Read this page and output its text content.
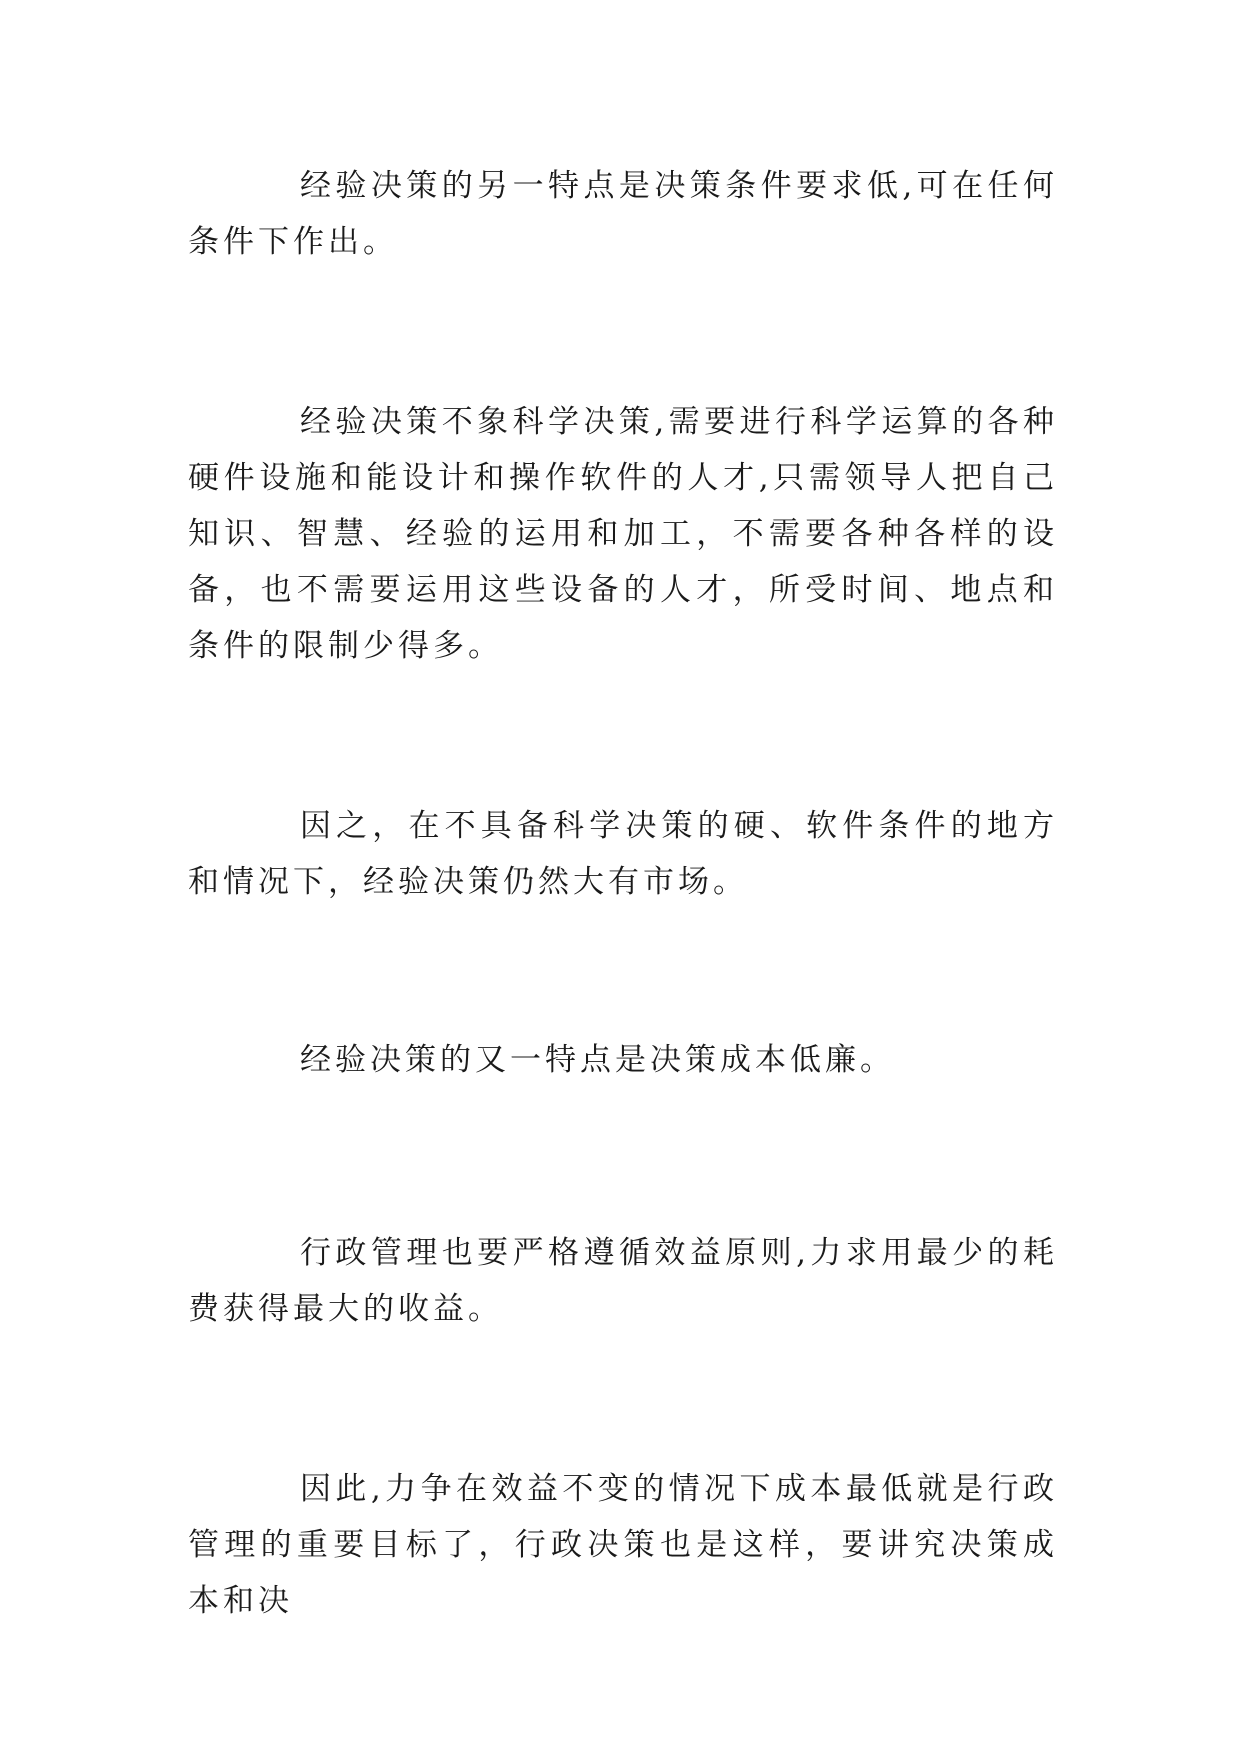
经验决策的另一特点是决策条件要求低,可在任何条件下作出。

经验决策不象科学决策,需要进行科学运算的各种硬件设施和能设计和操作软件的人才,只需领导人把自己知识、智慧、经验的运用和加工，不需要各种各样的设备，也不需要运用这些设备的人才，所受时间、地点和条件的限制少得多。

因之，在不具备科学决策的硬、软件条件的地方和情况下，经验决策仍然大有市场。

经验决策的又一特点是决策成本低廉。

行政管理也要严格遵循效益原则,力求用最少的耗费获得最大的收益。

因此,力争在效益不变的情况下成本最低就是行政管理的重要目标了，行政决策也是这样，要讲究决策成本和决
